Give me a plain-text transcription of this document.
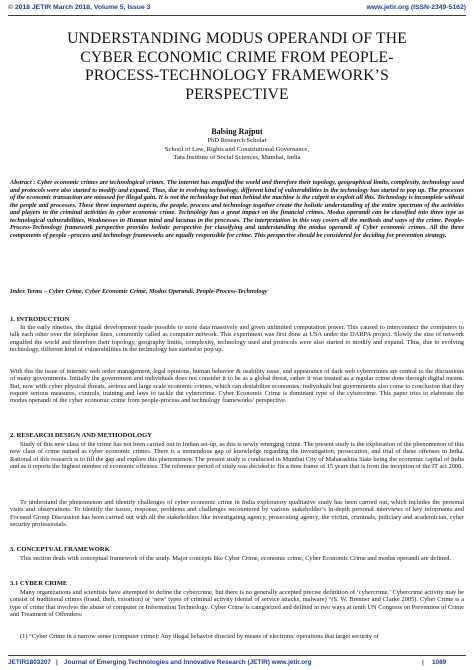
© 2018 JETIR March 2018, Volume 5, Issue 3	www.jetir.org (ISSN-2349-5162)
UNDERSTANDING MODUS OPERANDI OF THE
CYBER ECONOMIC CRIME FROM PEOPLE-
PROCESS-TECHNOLOGY FRAMEWORK’S
PERSPECTIVE
Balsing Rajput
PhD Research Scholar
School of Law, Rights and Constitutional Governance,
Tata Institute of Social Sciences, Mumbai, India
Abstract : Cyber economic crimes are technological crimes. The internet has engulfed the world and therefore their topology, geographical limits, complexity, technology used and protocols were also started to modify and expand. Thus, due to evolving technology, different kind of vulnerabilities in the technology has started to pop up. The processes of the economic transaction are misused for illegal gain. It is not the technology but man behind the machine is the culprit to exploit all this. Technology is incomplete without the people and processes. These three important aspects, the people, process and technology together create the holistic understanding of the entire spectrum of the activities and players in the criminal activities in cyber economic crime. Technology has a great impact on the financial crimes. Modus operandi can be classified into three type as technological vulnerabilities, Weaknesses in Human mind and lacunas in the processes. The interpretation in this way covers all the methods and ways of the crime. People-Process-Technology framework perspective provides holistic perspective for classifying and understanding the modus operandi of Cyber economic crimes. All the three components of people –process and technology frameworks are equally responsible for crime. This perspective should be considered for deciding for prevention strategy.
Index Terms – Cyber Crime, Cyber Economic Crime, Modus Operandi, People-Process-Technology
1. INTRODUCTION
In the early nineties, the digital development made possible to store data massively and given unlimited computation power. This caused to interconnect the computers to talk each other over the telephone lines, commonly called as computer network. This experiment was first done at USA under the DARPA project. Slowly the size of network engulfed the world and therefore their topology, geography limits, complexity, technology used and protocols were also started to modify and expand. Thus, due to evolving technology, different kind of vulnerabilities in the technology has started to pop up.
With this the issue of internet/ web order management, legal opinions, human behavior & usability issue, and appearance of dark web cybercrimes are central to the discussions of many governments. Initially the government and individuals does not consider it to be as a global threat, rather it was treated as a regular crime done through digital means. But, now with cyber physical threats, serious and large scale economic crimes, which can destabilize economies; individuals but governments also come to conclusion that they require serious measures, controls, training and laws to tackle the cybercrime. Cyber Economic Crime is dominant type of the cybercrime. This paper tries to elaborate the modus operandi of the cyber economic crime from people-process and technology frameworks’ perspective.
2. RESEARCH DESIGN AND METHODOLOGY
Study of this new class of the crime has not been carried out in Indian set-up, as this is newly emerging crime. The present study is the exploration of the phenomenon of this new class of crime named as cyber economic crimes. There is a tremendous gap of knowledge regarding the investigation, prosecution, and trial of these offenses in India. Rational of this research is to fill the gap and explore this phenomenon. The present study is conducted in Mumbai City of Maharashtra State being the economic capital of India and as it reports the highest number of economic offenses. The reference period of study was decided to fix a time frame of 15 years that is from the inception of the IT act 2000.
To understand the phenomenon and identify challenges of cyber economic crime in India exploratory qualitative study has been carried out, which includes the personal visits and observations. To identify the issues, response, problems and challenges encountered by various stakeholder’s in-depth personal interviews of key informants and Focused Group Discussion has been carried out with all the stakeholders like investigating agency, prosecuting agency, the victim, criminals, judiciary and academician, cyber security professionals.
3. CONCEPTUAL FRAMEWORK
This section deals with conceptual framework of the study. Major concepts like Cyber Crime, economic crime, Cyber Economic Crime and modus operandi are defined.
3.1 CYBER CRIME
Many organizations and scientists have attempted to define the cybercrime, but there is no generally accepted precise definition of ‘cybercrime.’ Cybercrime activity may be consist of traditional crimes (fraud, theft, extortion) or ‘new’ types of criminal activity (denial of service attacks, malware) “(S. W. Brenner and Clarke 2005). Cyber Crime is a type of crime that involves the abuse of computer or Information Technology. Cyber Crime is categorized and defined in two ways at tenth UN Congress on Prevention of Crime and Treatment of Offenders:
(1) “Cyber Crime in a narrow sense (computer crime): Any illegal behavior directed by means of electronic operations that target security of
JETIR1803207 | Journal of Emerging Technologies and Innovative Research (JETIR) www.jetir.org	| 1089
